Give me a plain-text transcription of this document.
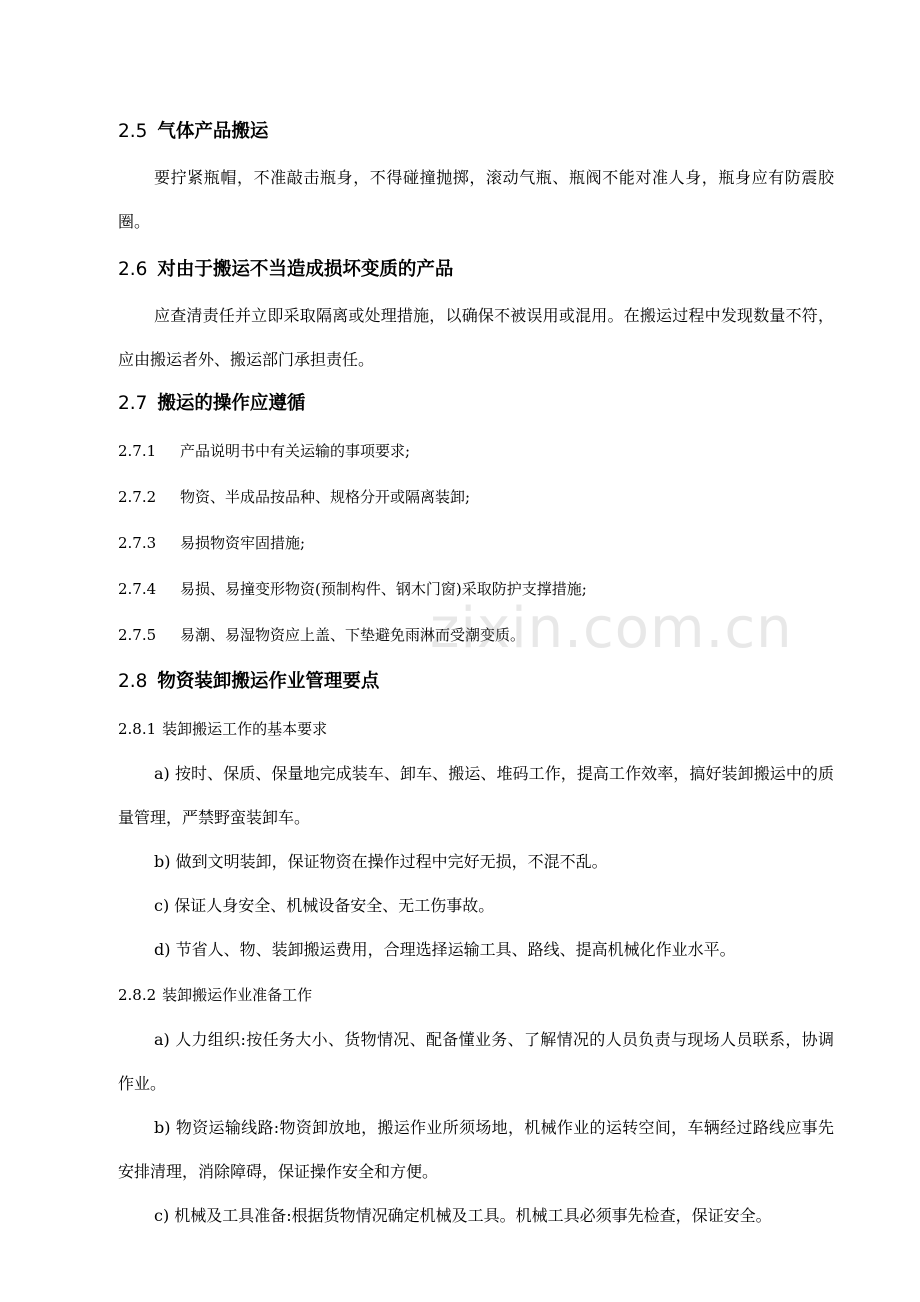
2.5 气体产品搬运
要拧紧瓶帽，不准敲击瓶身，不得碰撞抛掷，滚动气瓶、瓶阀不能对准人身，瓶身应有防震胶圈。
2.6 对由于搬运不当造成损坏变质的产品
应查清责任并立即采取隔离或处理措施，以确保不被误用或混用。在搬运过程中发现数量不符，应由搬运者外、搬运部门承担责任。
2.7 搬运的操作应遵循
2.7.1 产品说明书中有关运输的事项要求;
2.7.2 物资、半成品按品种、规格分开或隔离装卸;
2.7.3 易损物资牢固措施;
2.7.4 易损、易撞变形物资(预制构件、钢木门窗)采取防护支撑措施;
2.7.5 易潮、易湿物资应上盖、下垫避免雨淋而受潮变质。
2.8 物资装卸搬运作业管理要点
2.8.1 装卸搬运工作的基本要求
a) 按时、保质、保量地完成装车、卸车、搬运、堆码工作，提高工作效率，搞好装卸搬运中的质量管理，严禁野蛮装卸车。
b) 做到文明装卸，保证物资在操作过程中完好无损，不混不乱。
c) 保证人身安全、机械设备安全、无工伤事故。
d) 节省人、物、装卸搬运费用，合理选择运输工具、路线、提高机械化作业水平。
2.8.2 装卸搬运作业准备工作
a) 人力组织:按任务大小、货物情况、配备懂业务、了解情况的人员负责与现场人员联系，协调作业。
b) 物资运输线路:物资卸放地，搬运作业所须场地，机械作业的运转空间，车辆经过路线应事先安排清理，消除障碍，保证操作安全和方便。
c) 机械及工具准备:根据货物情况确定机械及工具。机械工具必须事先检查，保证安全。
zixin.com.cn
